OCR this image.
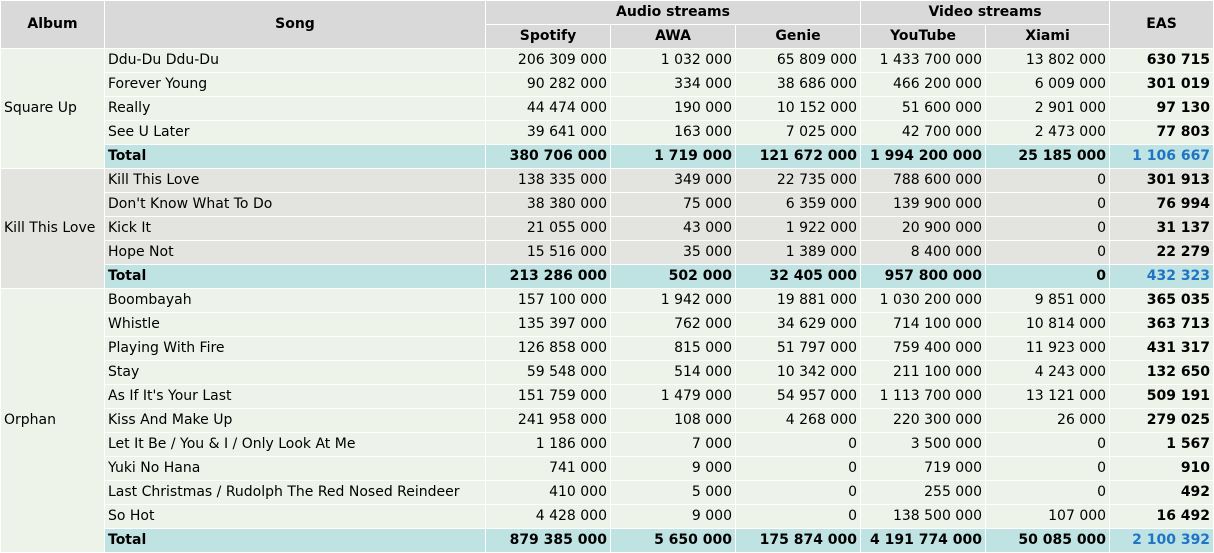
Album	Song	Audio streams			Video streams		EAS
		Spotify	AWA	Genie	YouTube	Xiami	
Square Up	Ddu-Du Ddu-Du	206 309 000	1 032 000	65 809 000	1 433 700 000	13 802 000	630 715
	Forever Young	90 282 000	334 000	38 686 000	466 200 000	6 009 000	301 019
	Really	44 474 000	190 000	10 152 000	51 600 000	2 901 000	97 130
	See U Later	39 641 000	163 000	7 025 000	42 700 000	2 473 000	77 803
	Total	380 706 000	1 719 000	121 672 000	1 994 200 000	25 185 000	1 106 667
Kill This Love	Kill This Love	138 335 000	349 000	22 735 000	788 600 000	0	301 913
	Don't Know What To Do	38 380 000	75 000	6 359 000	139 900 000	0	76 994
	Kick It	21 055 000	43 000	1 922 000	20 900 000	0	31 137
	Hope Not	15 516 000	35 000	1 389 000	8 400 000	0	22 279
	Total	213 286 000	502 000	32 405 000	957 800 000	0	432 323
Orphan	Boombayah	157 100 000	1 942 000	19 881 000	1 030 200 000	9 851 000	365 035
	Whistle	135 397 000	762 000	34 629 000	714 100 000	10 814 000	363 713
	Playing With Fire	126 858 000	815 000	51 797 000	759 400 000	11 923 000	431 317
	Stay	59 548 000	514 000	10 342 000	211 100 000	4 243 000	132 650
	As If It's Your Last	151 759 000	1 479 000	54 957 000	1 113 700 000	13 121 000	509 191
	Kiss And Make Up	241 958 000	108 000	4 268 000	220 300 000	26 000	279 025
	Let It Be / You & I / Only Look At Me	1 186 000	7 000	0	3 500 000	0	1 567
	Yuki No Hana	741 000	9 000	0	719 000	0	910
	Last Christmas / Rudolph The Red Nosed Reindeer	410 000	5 000	0	255 000	0	492
	So Hot	4 428 000	9 000	0	138 500 000	107 000	16 492
	Total	879 385 000	5 650 000	175 874 000	4 191 774 000	50 085 000	2 100 392
